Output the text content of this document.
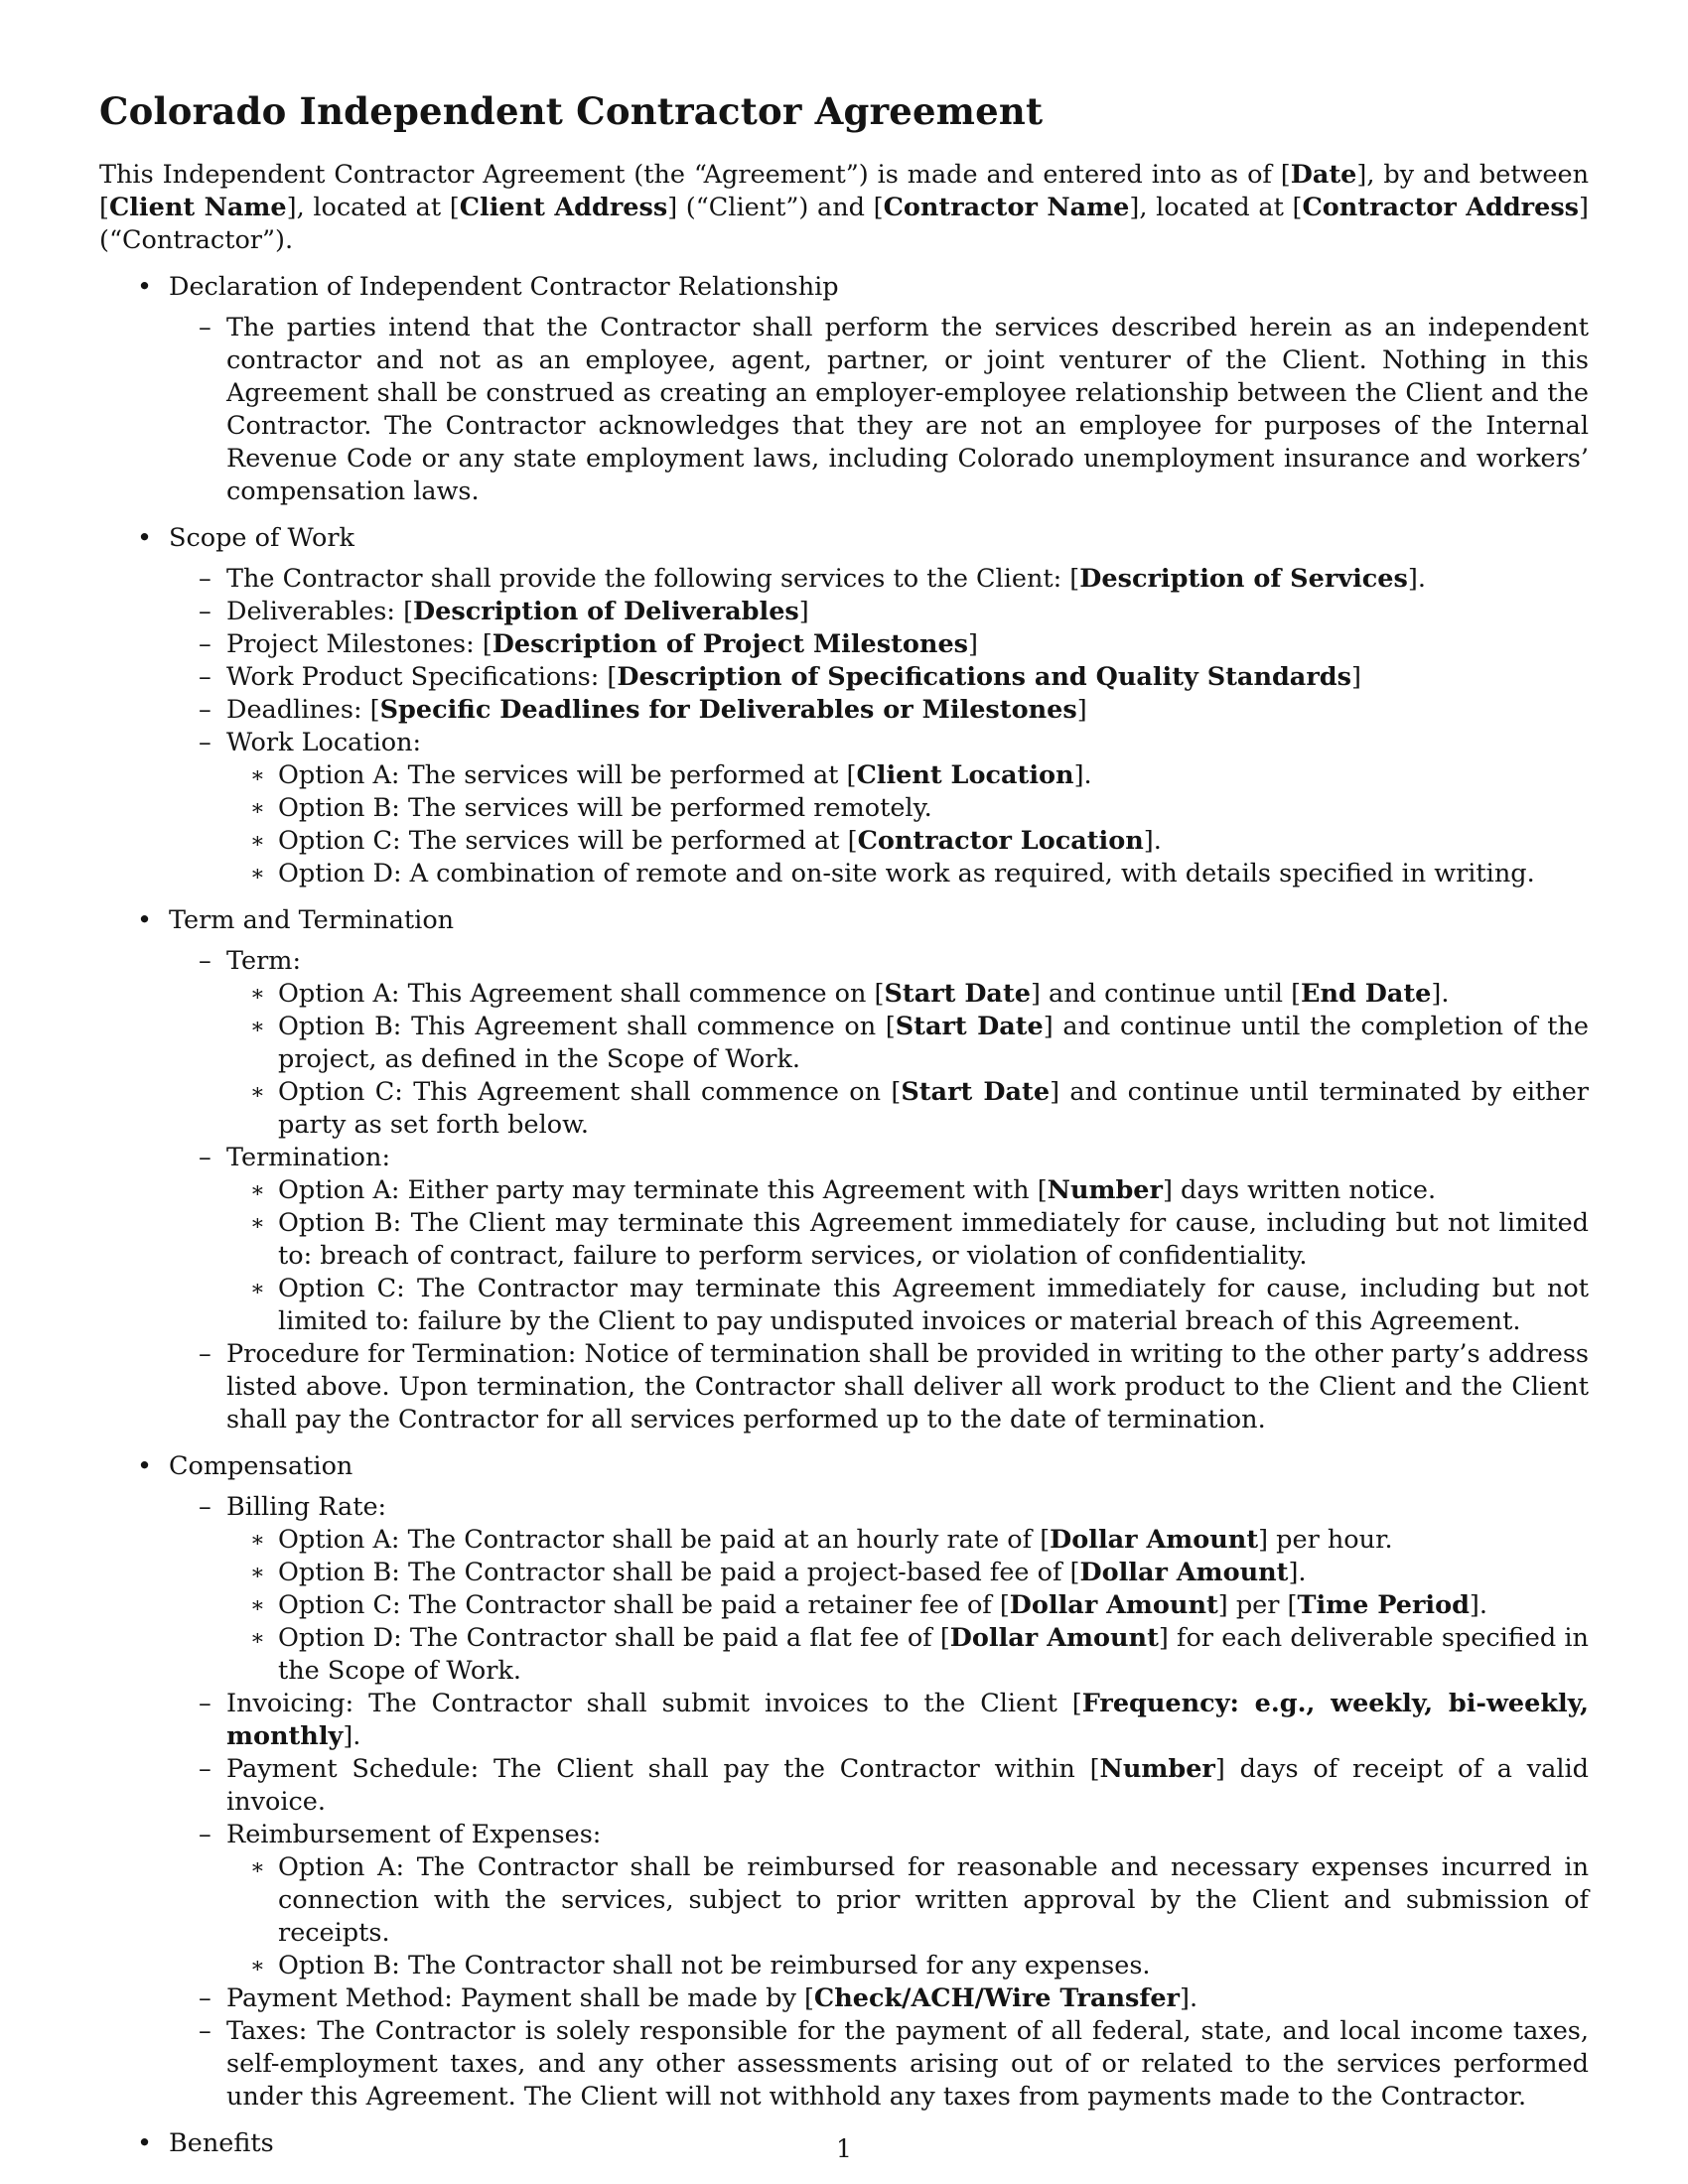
Colorado Independent Contractor Agreement

This Independent Contractor Agreement (the “Agreement”) is made and entered into as of [Date], by and between [Client Name], located at [Client Address] (“Client”) and [Contractor Name], located at [Contractor Address] (“Contractor”).

• Declaration of Independent Contractor Relationship
– The parties intend that the Contractor shall perform the services described herein as an independent contractor and not as an employee, agent, partner, or joint venturer of the Client. Nothing in this Agreement shall be construed as creating an employer-employee relationship between the Client and the Contractor. The Contractor acknowledges that they are not an employee for purposes of the Internal Revenue Code or any state employment laws, including Colorado unemployment insurance and workers’ compensation laws.
• Scope of Work
– The Contractor shall provide the following services to the Client: [Description of Services].
– Deliverables: [Description of Deliverables]
– Project Milestones: [Description of Project Milestones]
– Work Product Specifications: [Description of Specifications and Quality Standards]
– Deadlines: [Specific Deadlines for Deliverables or Milestones]
– Work Location:
∗ Option A: The services will be performed at [Client Location].
∗ Option B: The services will be performed remotely.
∗ Option C: The services will be performed at [Contractor Location].
∗ Option D: A combination of remote and on-site work as required, with details specified in writing.
• Term and Termination
– Term:
∗ Option A: This Agreement shall commence on [Start Date] and continue until [End Date].
∗ Option B: This Agreement shall commence on [Start Date] and continue until the completion of the project, as defined in the Scope of Work.
∗ Option C: This Agreement shall commence on [Start Date] and continue until terminated by either party as set forth below.
– Termination:
∗ Option A: Either party may terminate this Agreement with [Number] days written notice.
∗ Option B: The Client may terminate this Agreement immediately for cause, including but not limited to: breach of contract, failure to perform services, or violation of confidentiality.
∗ Option C: The Contractor may terminate this Agreement immediately for cause, including but not limited to: failure by the Client to pay undisputed invoices or material breach of this Agreement.
– Procedure for Termination: Notice of termination shall be provided in writing to the other party’s address listed above. Upon termination, the Contractor shall deliver all work product to the Client and the Client shall pay the Contractor for all services performed up to the date of termination.
• Compensation
– Billing Rate:
∗ Option A: The Contractor shall be paid at an hourly rate of [Dollar Amount] per hour.
∗ Option B: The Contractor shall be paid a project-based fee of [Dollar Amount].
∗ Option C: The Contractor shall be paid a retainer fee of [Dollar Amount] per [Time Period].
∗ Option D: The Contractor shall be paid a flat fee of [Dollar Amount] for each deliverable specified in the Scope of Work.
– Invoicing: The Contractor shall submit invoices to the Client [Frequency: e.g., weekly, bi-weekly, monthly].
– Payment Schedule: The Client shall pay the Contractor within [Number] days of receipt of a valid invoice.
– Reimbursement of Expenses:
∗ Option A: The Contractor shall be reimbursed for reasonable and necessary expenses incurred in connection with the services, subject to prior written approval by the Client and submission of receipts.
∗ Option B: The Contractor shall not be reimbursed for any expenses.
– Payment Method: Payment shall be made by [Check/ACH/Wire Transfer].
– Taxes: The Contractor is solely responsible for the payment of all federal, state, and local income taxes, self-employment taxes, and any other assessments arising out of or related to the services performed under this Agreement. The Client will not withhold any taxes from payments made to the Contractor.
• Benefits	1
